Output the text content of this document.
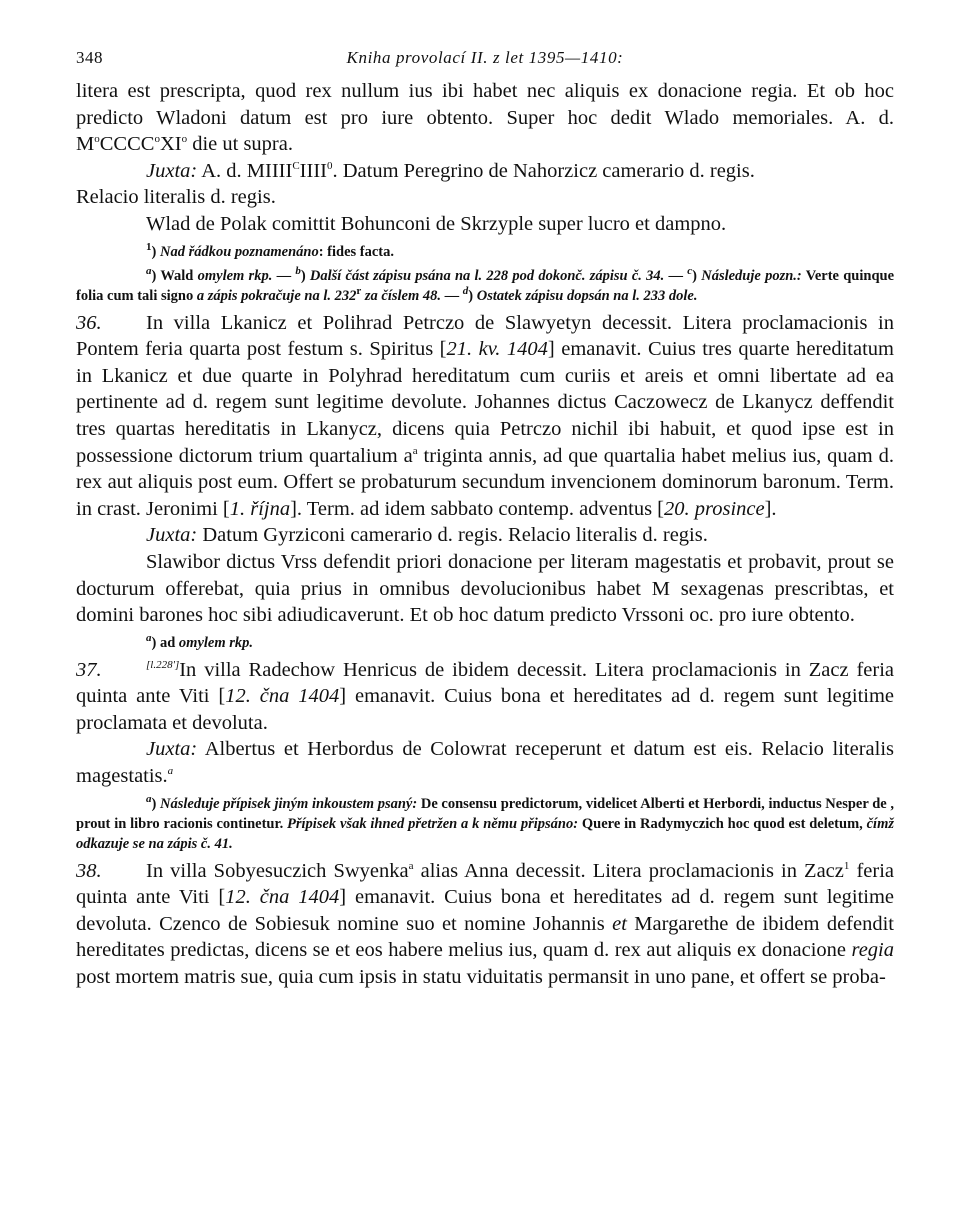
348	Kniha provolací II. z let 1395—1410:
litera est prescripta, quod rex nullum ius ibi habet nec aliquis ex donacione regia. Et ob hoc predicto Wladoni datum est pro iure obtento. Super hoc dedit Wlado memoriales. A. d. $M^oCCCC^oXI^o$ die ut supra.
Juxta: A. d. $MIIII^CIIII^0$. Datum Peregrino de Nahorzicz camerario d. regis.
Relacio literalis d. regis.
Wlad de Polak comittit Bohunconi de Skrzyple super lucro et dampno.
$^1$) Nad řádkou poznamenáno: fides facta.
$^a$) Wald omylem rkp. — $^b$) Další část zápisu psána na l. 228 pod dokonč. zápisu č. 34. — $^c$) Následuje pozn.: Verte quinque folia cum tali signo a zápis pokračuje na l. 232$^r$ za číslem 48. — $^d$) Ostatek zápisu dopsán na l. 233 dole.
36. In villa Lkanicz et Polihrad Petrczo de Slawyetyn decessit. Litera proclamacionis in Pontem feria quarta post festum s. Spiritus [21. kv. 1404] emanavit. Cuius tres quarte hereditatum in Lkanicz et due quarte in Polyhrad hereditatum cum curiis et areis et omni libertate ad ea pertinente ad d. regem sunt legitime devolute. Johannes dictus Caczowecz de Lkanycz deffendit tres quartas hereditatis in Lkanycz, dicens quia Petrczo nichil ibi habuit, et quod ipse est in possessione dictorum trium quartalium $a^a$ triginta annis, ad que quartalia habet melius ius, quam d. rex aut aliquis post eum. Offert se probaturum secundum invencionem dominorum baronum. Term. in crast. Jeronimi [1. října]. Term. ad idem sabbato contemp. adventus [20. prosince].
Juxta: Datum Gyrziconi camerario d. regis. Relacio literalis d. regis.
Slawibor dictus Vrss defendit priori donacione per literam magestatis et probavit, prout se docturum offerebat, quia prius in omnibus devolucionibus habet M sexagenas prescribtas, et domini barones hoc sibi adiudicaverunt. Et ob hoc datum predicto Vrssoni oc. pro iure obtento.
$^a$) ad omylem rkp.
37.	[l.228']In villa Radechow Henricus de ibidem decessit. Litera proclamacionis in Zacz feria quinta ante Viti [12. čna 1404] emanavit. Cuius bona et hereditates ad d. regem sunt legitime proclamata et devoluta.
Juxta: Albertus et Herbordus de Colowrat receperunt et datum est eis. Relacio literalis magestatis.$^a$
$^a$) Následuje přípisek jiným inkoustem psaný: De consensu predictorum, videlicet Alberti et Herbordi, inductus Nesper de , prout in libro racionis continetur. Přípisek však ihned přetržen a k němu připsáno: Quere in Radymyczich hoc quod est deletum, čímž odkazuje se na zápis č. 41.
38. In villa Sobyesuczich Swyenka$^a$ alias Anna decessit. Litera proclamacionis in Zacz$^1$ feria quinta ante Viti [12. čna 1404] emanavit. Cuius bona et hereditates ad d. regem sunt legitime devoluta. Czenco de Sobiesuk nomine suo et nomine Johannis et Margarethe de ibidem defendit hereditates predictas, dicens se et eos habere melius ius, quam d. rex aut aliquis ex donacione regia post mortem matris sue, quia cum ipsis in statu viduitatis permansit in uno pane, et offert se proba-
